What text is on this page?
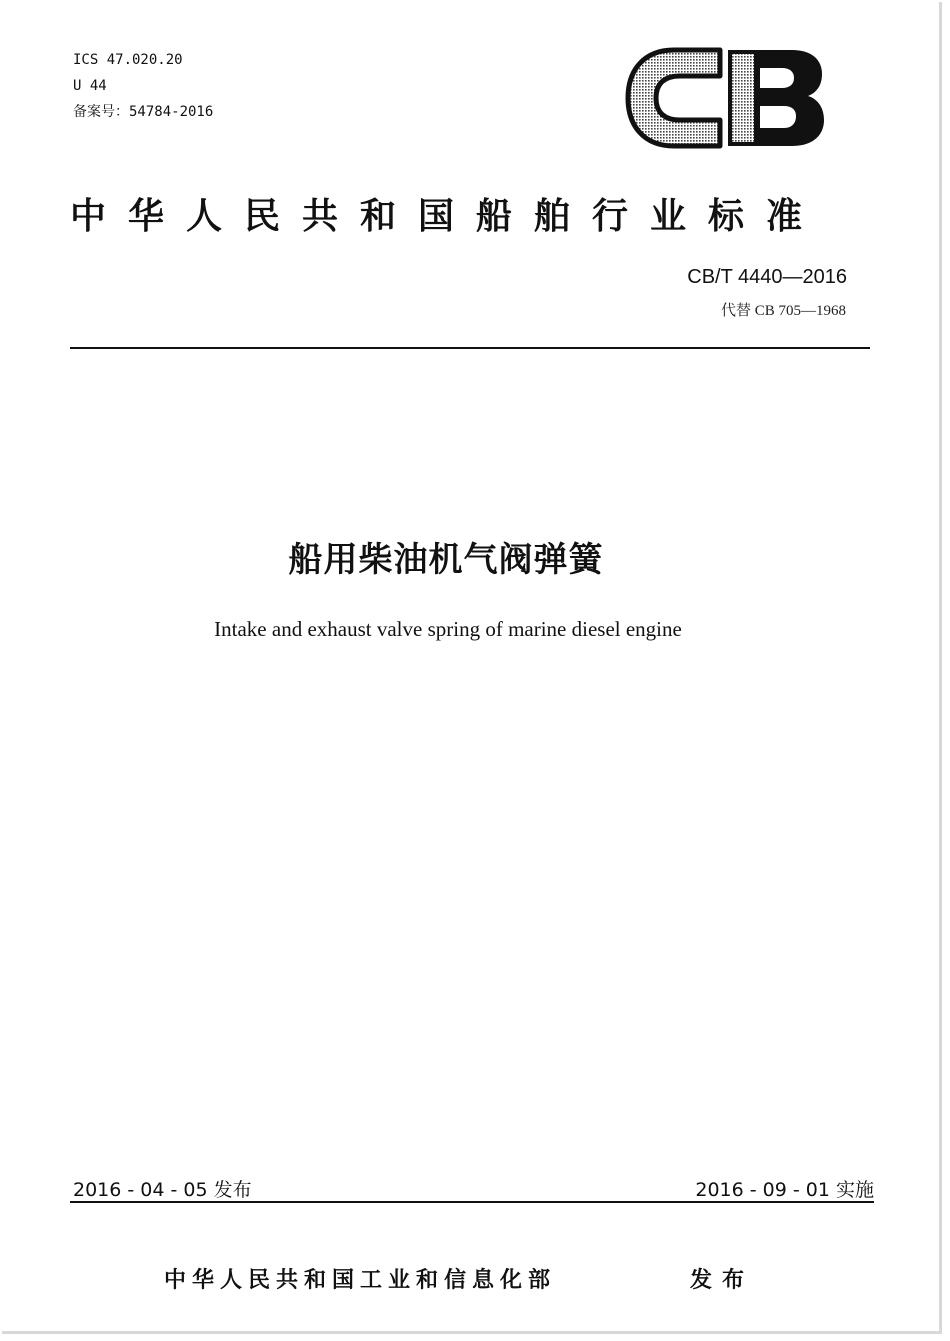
ICS 47.020.20
U 44
备案号：54784-2016
中华人民共和国船舶行业标准
CB/T 4440—2016
代替 CB 705—1968
船用柴油机气阀弹簧
Intake and exhaust valve spring of marine diesel engine
2016 - 04 - 05 发布	2016 - 09 - 01 实施
中华人民共和国工业和信息化部	发布
